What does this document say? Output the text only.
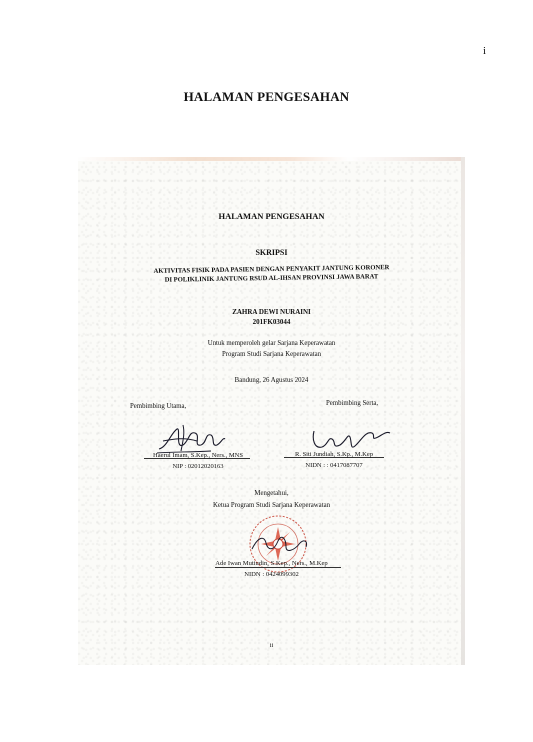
i
HALAMAN PENGESAHAN
HALAMAN PENGESAHAN
SKRIPSI
AKTIVITAS FISIK PADA PASIEN DENGAN PENYAKIT JANTUNG KORONER
DI POLIKLINIK JANTUNG RSUD AL-IHSAN PROVINSI JAWA BARAT
ZAHRA DEWI NURAINI
201FK03044
Untuk memperoleh gelar Sarjana Keperawatan
Program Studi Sarjana Keperawatan
Bandung, 26 Agustus 2024
Pembimbing Utama,
Haerul Imam, S.Kep., Ners., MNS
NIP : 02012020163
Pembimbing Serta,
R. Siti Jundiah, S.Kp., M.Kep
NIDN : : 0417087707
Mengetahui,
Ketua Program Studi Sarjana Keperawatan
Ade Iwan Mutiudin, S.Kep., Ners., M.Kep
NIDN : 0424099302
ii
